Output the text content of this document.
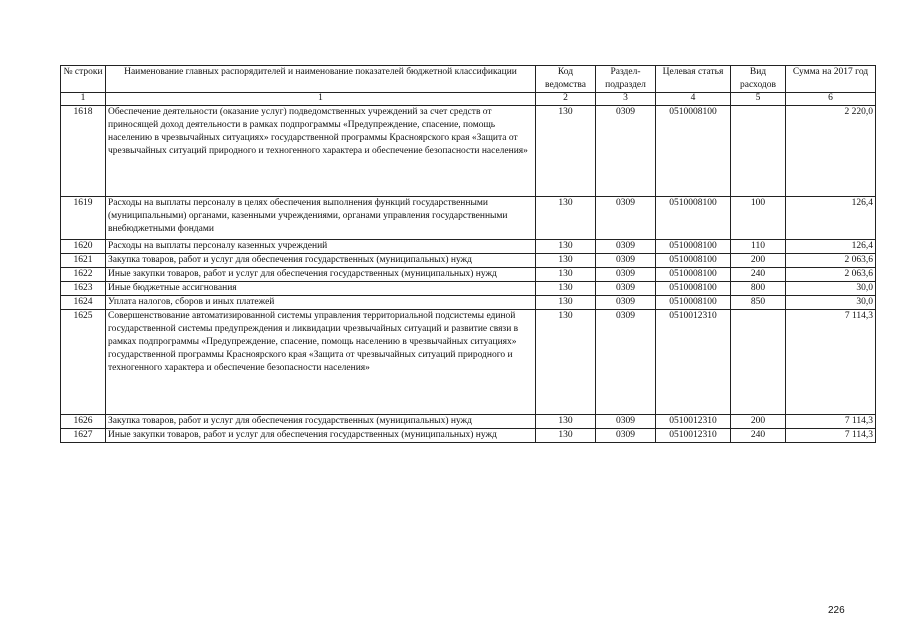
№ строки	Наименование главных распорядителей и наименование показателей бюджетной классификации	Код ведомства	Раздел-подраздел	Целевая статья	Вид расходов	Сумма на 2017 год
1	1	2	3	4	5	6
1618	Обеспечение деятельности (оказание услуг) подведомственных учреждений за счет средств от приносящей доход деятельности в рамках подпрограммы «Предупреждение, спасение, помощь населению в чрезвычайных ситуациях» государственной программы Красноярского края «Защита от чрезвычайных ситуаций природного и техногенного характера и обеспечение безопасности населения»	130	0309	0510008100		2 220,0
1619	Расходы на выплаты персоналу в целях обеспечения выполнения функций государственными (муниципальными) органами, казенными учреждениями, органами управления государственными внебюджетными фондами	130	0309	0510008100	100	126,4
1620	Расходы на выплаты персоналу казенных учреждений	130	0309	0510008100	110	126,4
1621	Закупка товаров, работ и услуг для обеспечения государственных (муниципальных) нужд	130	0309	0510008100	200	2 063,6
1622	Иные закупки товаров, работ и услуг для обеспечения государственных (муниципальных) нужд	130	0309	0510008100	240	2 063,6
1623	Иные бюджетные ассигнования	130	0309	0510008100	800	30,0
1624	Уплата налогов, сборов и иных платежей	130	0309	0510008100	850	30,0
1625	Совершенствование автоматизированной системы управления территориальной подсистемы единой государственной системы предупреждения и ликвидации чрезвычайных ситуаций и развитие связи в рамках подпрограммы «Предупреждение, спасение, помощь населению в чрезвычайных ситуациях» государственной программы Красноярского края «Защита от чрезвычайных ситуаций природного и техногенного характера и обеспечение безопасности населения»	130	0309	0510012310		7 114,3
1626	Закупка товаров, работ и услуг для обеспечения государственных (муниципальных) нужд	130	0309	0510012310	200	7 114,3
1627	Иные закупки товаров, работ и услуг для обеспечения государственных (муниципальных) нужд	130	0309	0510012310	240	7 114,3
226
